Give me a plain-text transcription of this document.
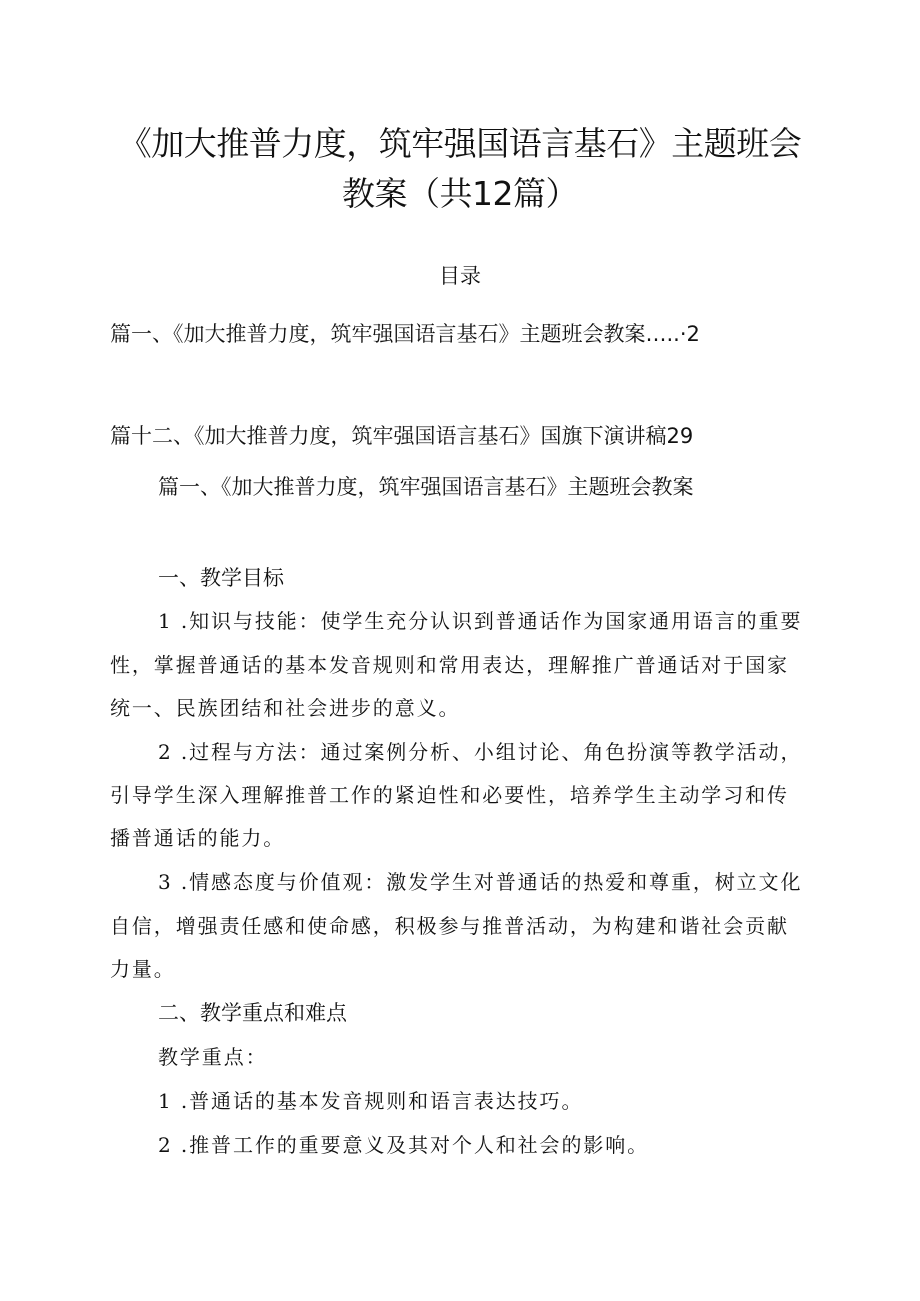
《加大推普力度，筑牢强国语言基石》主题班会
教案（共12篇）
目录
篇一、《加大推普力度，筑牢强国语言基石》主题班会教案…..·2
篇十二、《加大推普力度，筑牢强国语言基石》国旗下演讲稿29
篇一、《加大推普力度，筑牢强国语言基石》主题班会教案
一、教学目标
1 .知识与技能：使学生充分认识到普通话作为国家通用语言的重要
性，掌握普通话的基本发音规则和常用表达，理解推广普通话对于国家
统一、民族团结和社会进步的意义。
2 .过程与方法：通过案例分析、小组讨论、角色扮演等教学活动，
引导学生深入理解推普工作的紧迫性和必要性，培养学生主动学习和传
播普通话的能力。
3 .情感态度与价值观：激发学生对普通话的热爱和尊重，树立文化
自信，增强责任感和使命感，积极参与推普活动，为构建和谐社会贡献
力量。
二、教学重点和难点
教学重点：
1 .普通话的基本发音规则和语言表达技巧。
2 .推普工作的重要意义及其对个人和社会的影响。
